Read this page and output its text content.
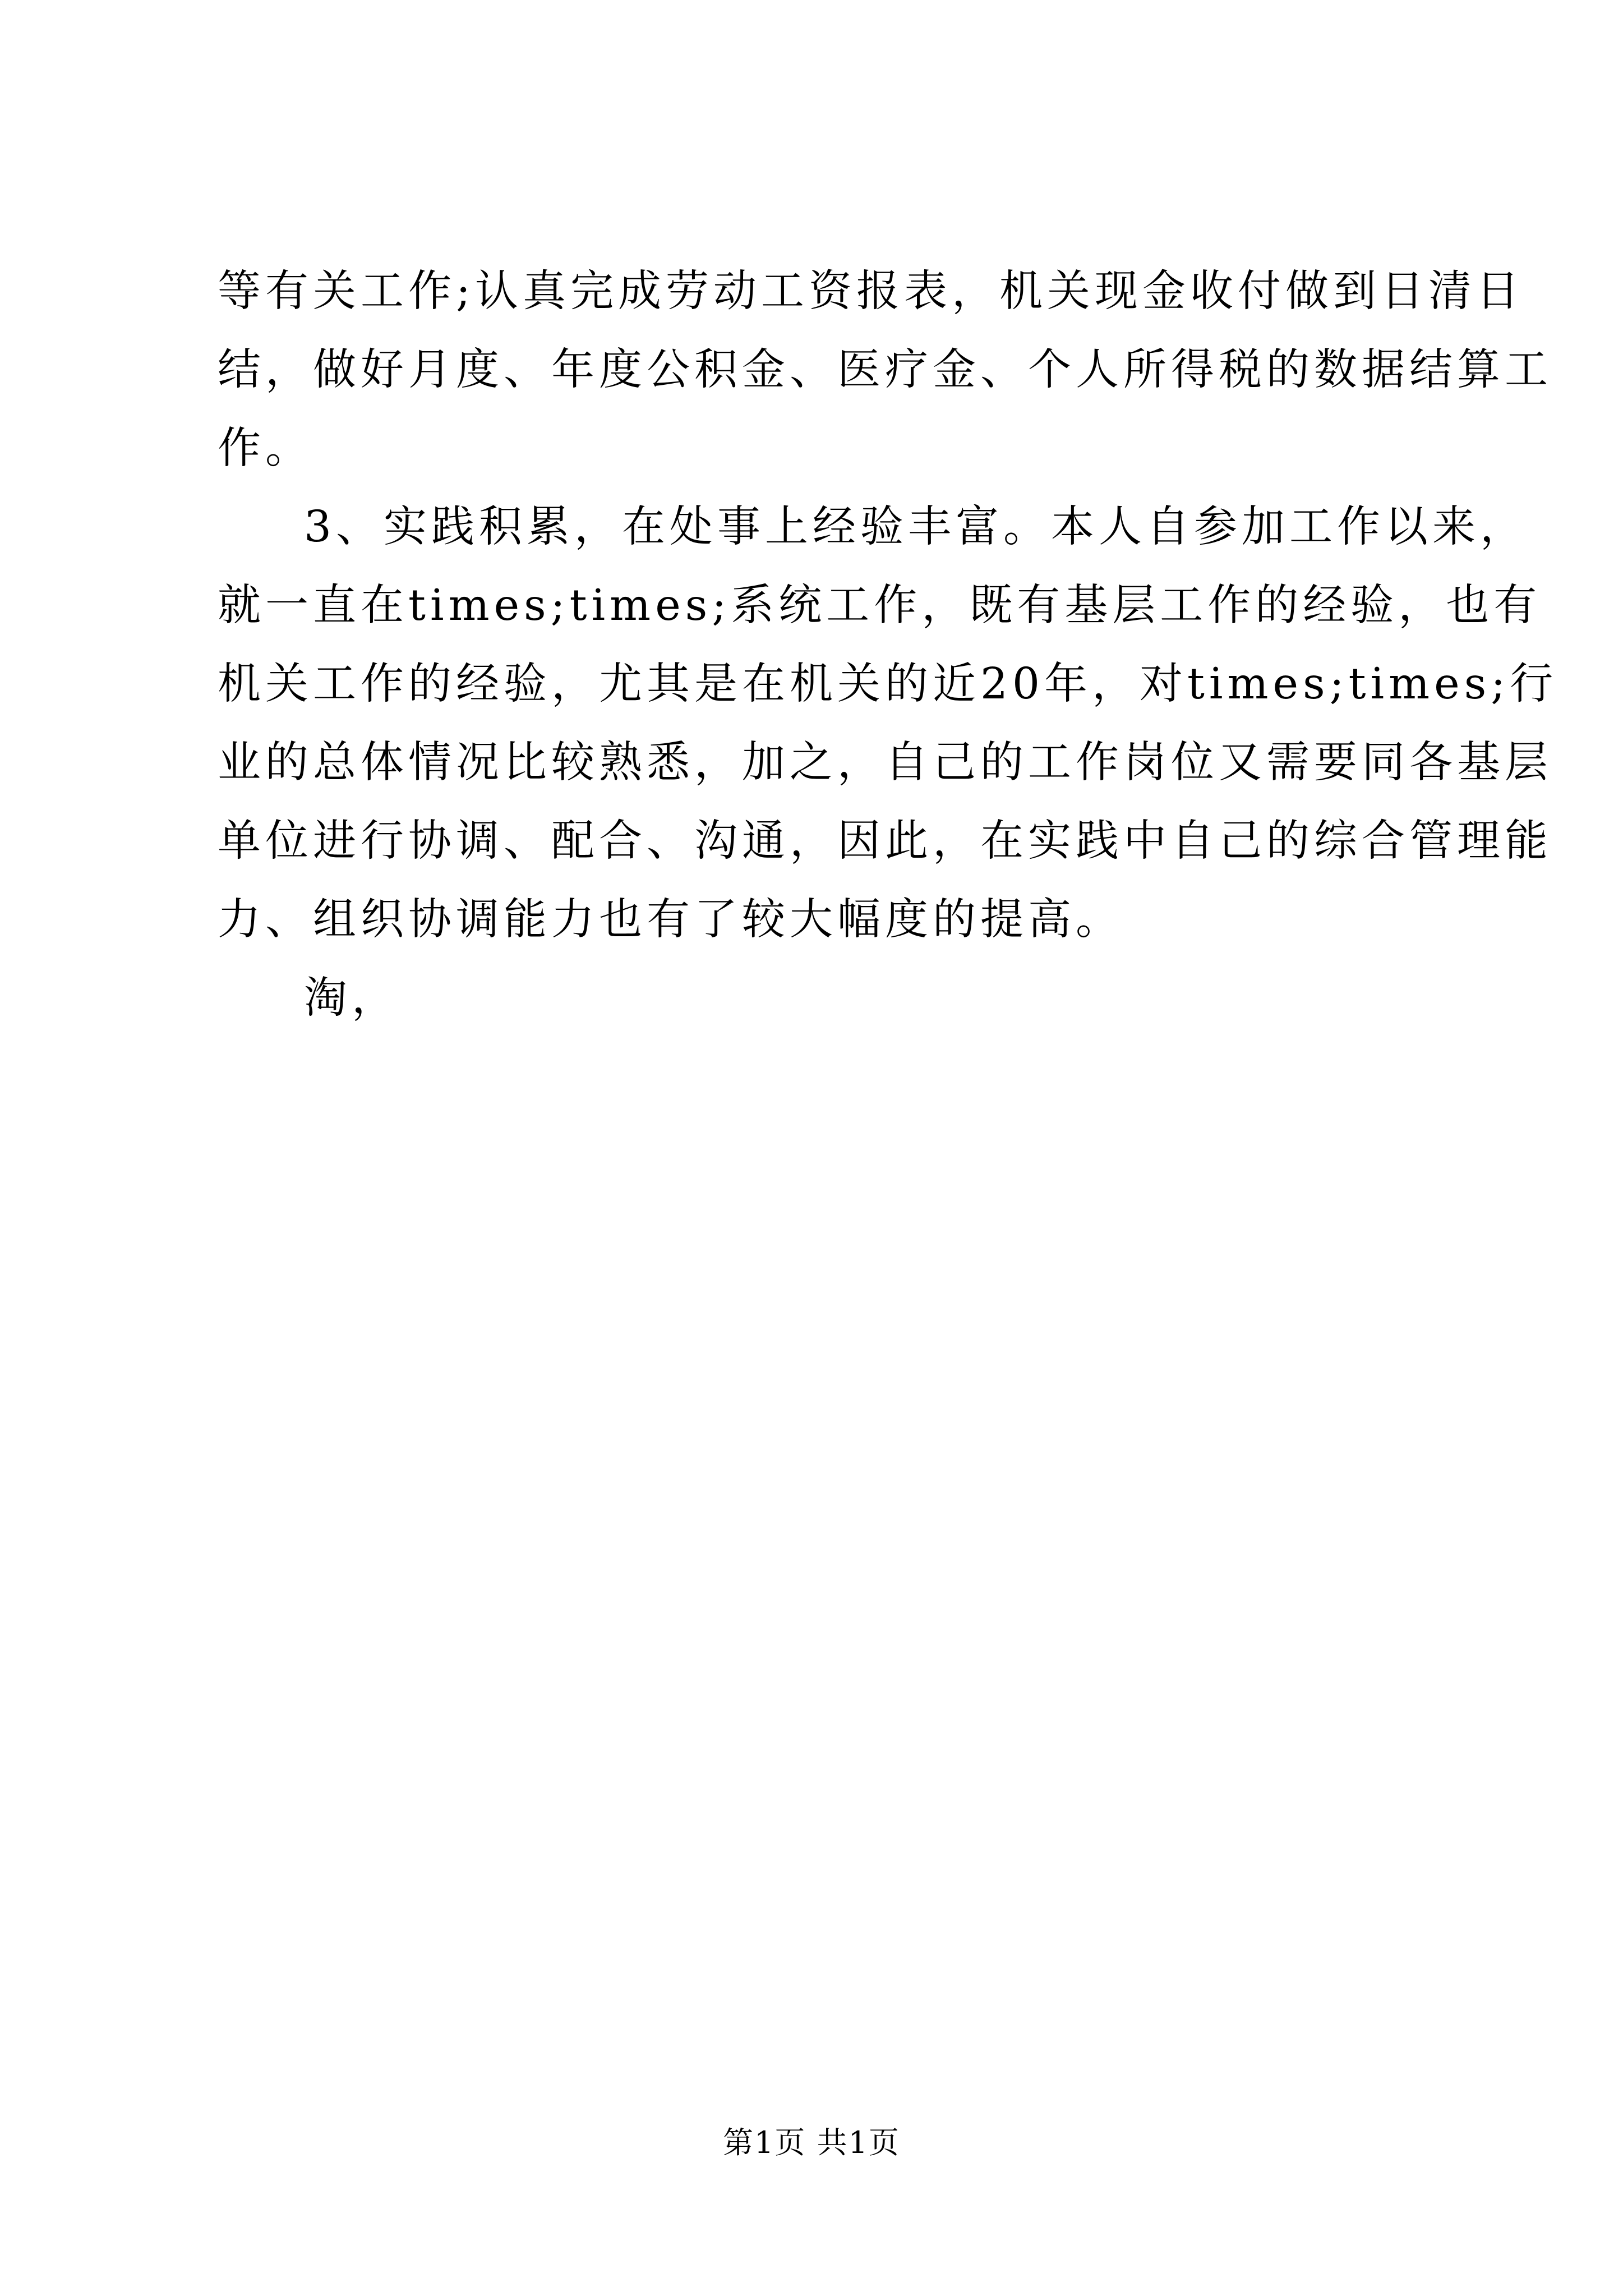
等有关工作;认真完成劳动工资报表，机关现金收付做到日清日
结，做好月度、年度公积金、医疗金、个人所得税的数据结算工
作。
3、实践积累，在处事上经验丰富。本人自参加工作以来，
就一直在times;times;系统工作，既有基层工作的经验，也有
机关工作的经验，尤其是在机关的近20年，对times;times;行
业的总体情况比较熟悉，加之，自己的工作岗位又需要同各基层
单位进行协调、配合、沟通，因此，在实践中自己的综合管理能
力、组织协调能力也有了较大幅度的提高。
淘，
第1页 共1页
